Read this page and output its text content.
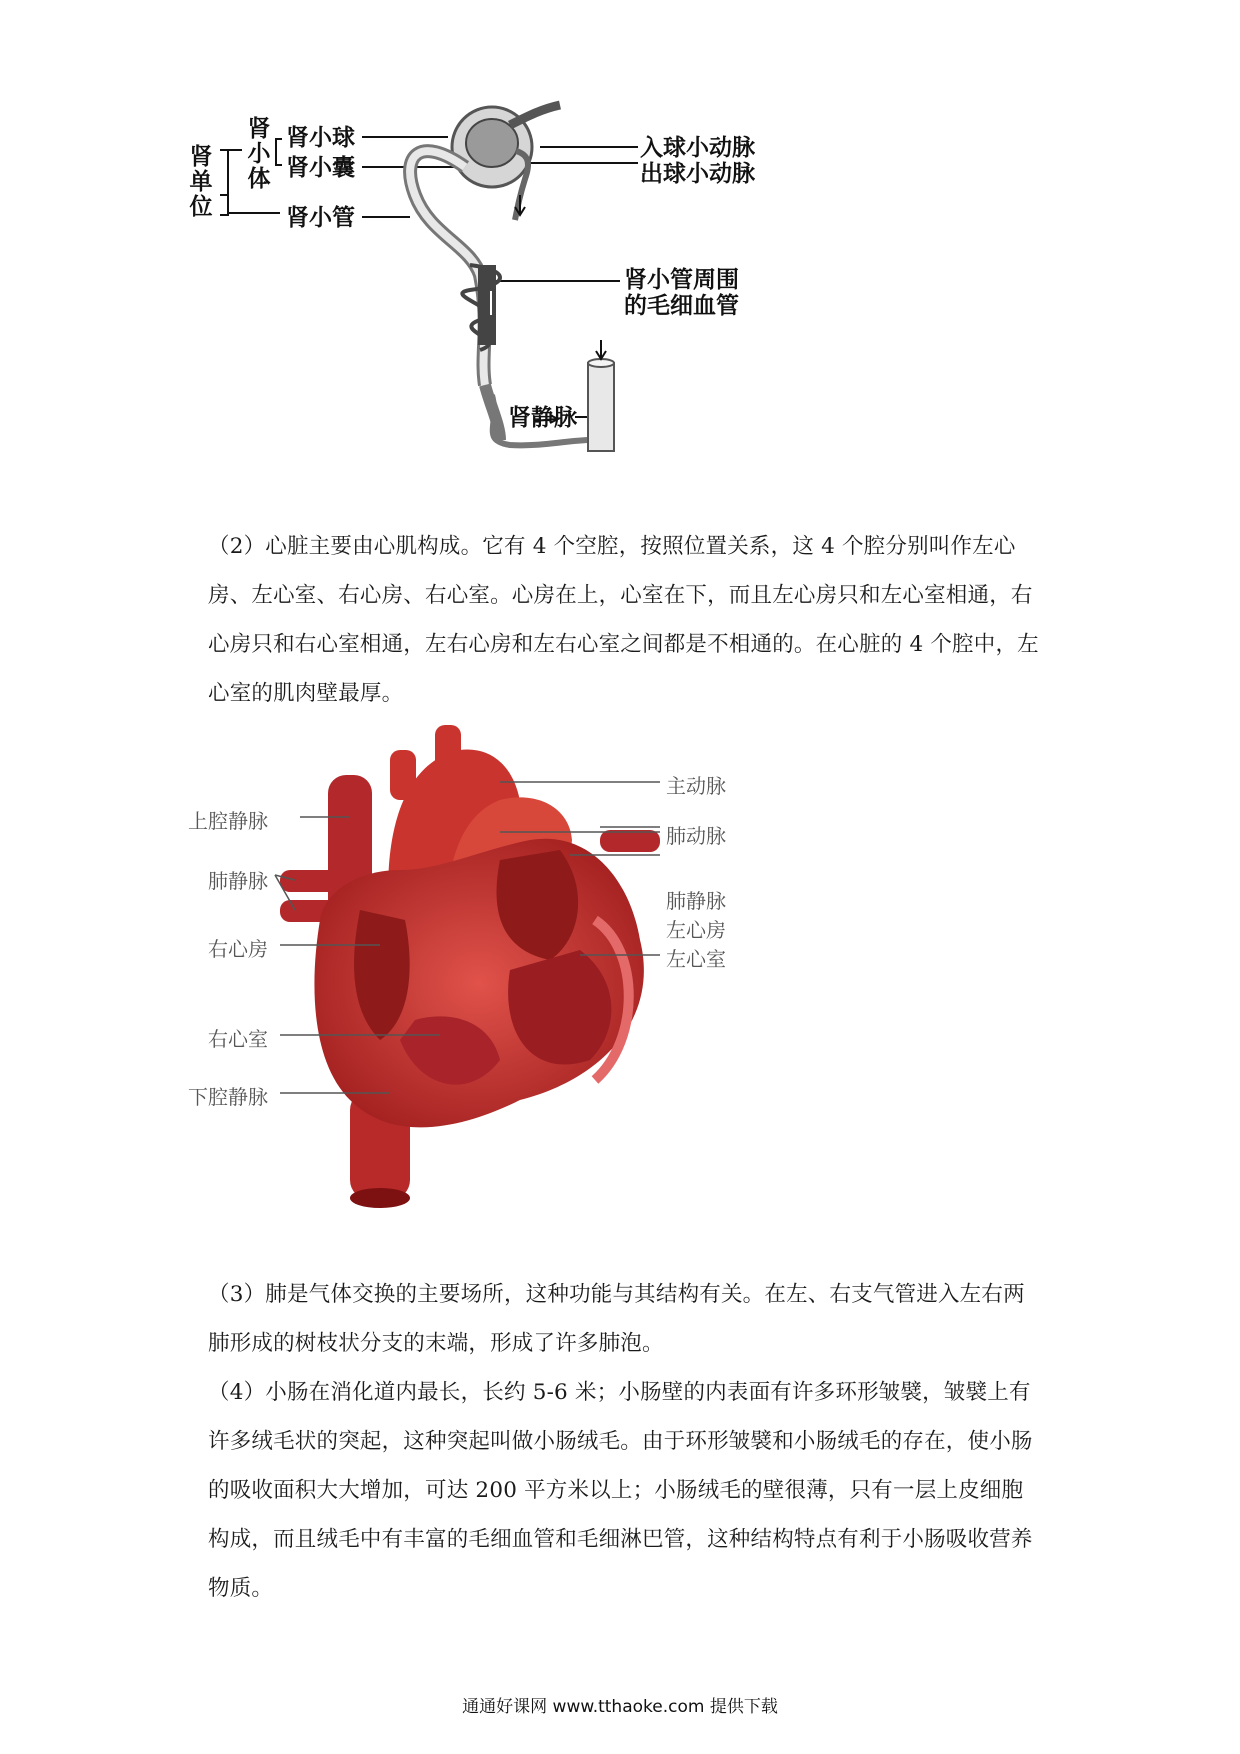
肾单位
肾小体
肾小球
肾小囊
肾小管
入球小动脉
出球小动脉
肾小管周围
的毛细血管
肾静脉
（2）心脏主要由心肌构成。它有 4 个空腔，按照位置关系，这 4 个腔分别叫作左心房、左心室、右心房、右心室。心房在上，心室在下，而且左心房只和左心室相通，右心房只和右心室相通，左右心房和左右心室之间都是不相通的。在心脏的 4 个腔中，左心室的肌肉壁最厚。
上腔静脉
主动脉
肺动脉
肺静脉
左心房
肺静脉
右心房	左心室
右心室
下腔静脉
（3）肺是气体交换的主要场所，这种功能与其结构有关。在左、右支气管进入左右两肺形成的树枝状分支的末端，形成了许多肺泡。
（4）小肠在消化道内最长，长约 5-6 米；小肠壁的内表面有许多环形皱襞，皱襞上有许多绒毛状的突起，这种突起叫做小肠绒毛。由于环形皱襞和小肠绒毛的存在，使小肠的吸收面积大大增加，可达 200 平方米以上；小肠绒毛的壁很薄，只有一层上皮细胞构成，而且绒毛中有丰富的毛细血管和毛细淋巴管，这种结构特点有利于小肠吸收营养物质。
通通好课网 www.tthaoke.com 提供下载
